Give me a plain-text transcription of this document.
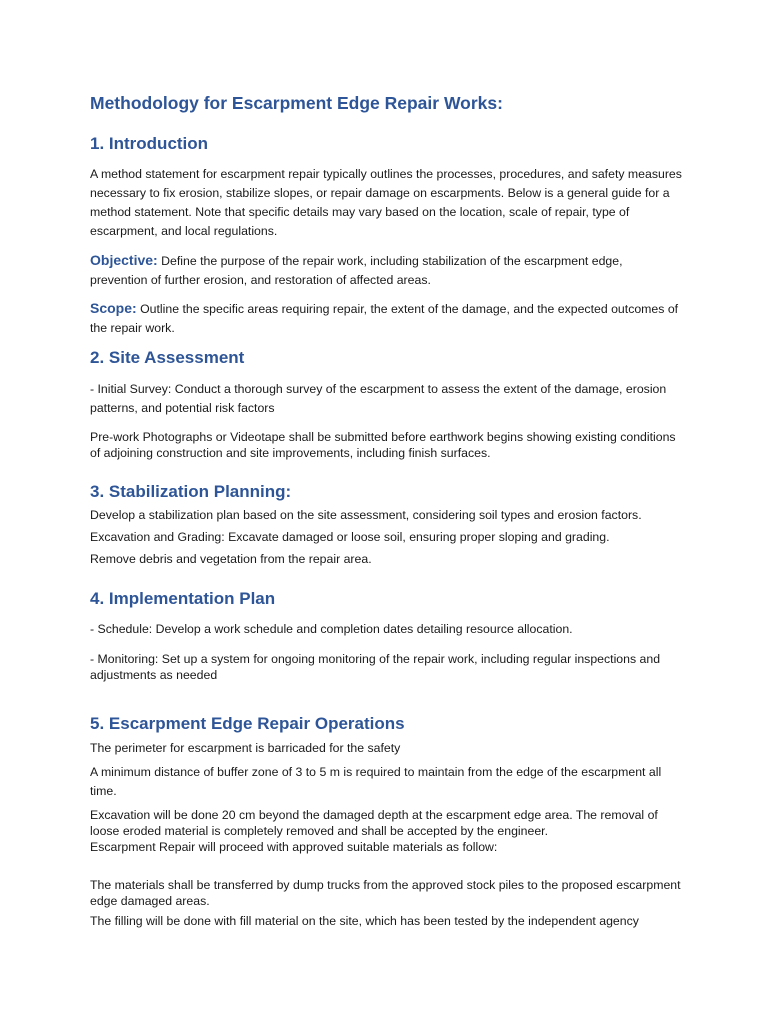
Methodology for Escarpment Edge Repair Works:
1. Introduction

A method statement for escarpment repair typically outlines the processes, procedures, and safety measures necessary to fix erosion, stabilize slopes, or repair damage on escarpments. Below is a general guide for a method statement. Note that specific details may vary based on the location, scale of repair, type of escarpment, and local regulations.

Objective: Define the purpose of the repair work, including stabilization of the escarpment edge, prevention of further erosion, and restoration of affected areas.

Scope: Outline the specific areas requiring repair, the extent of the damage, and the expected outcomes of the repair work.

2. Site Assessment

- Initial Survey: Conduct a thorough survey of the escarpment to assess the extent of the damage, erosion patterns, and potential risk factors

Pre-work Photographs or Videotape shall be submitted before earthwork begins showing existing conditions of adjoining construction and site improvements, including finish surfaces.

3. Stabilization Planning:

Develop a stabilization plan based on the site assessment, considering soil types and erosion factors.

Excavation and Grading: Excavate damaged or loose soil, ensuring proper sloping and grading.

Remove debris and vegetation from the repair area.

4. Implementation Plan

- Schedule: Develop a work schedule and completion dates detailing resource allocation.

- Monitoring: Set up a system for ongoing monitoring of the repair work, including regular inspections and adjustments as needed

5. Escarpment Edge Repair Operations

The perimeter for escarpment is barricaded for the safety

A minimum distance of buffer zone of 3 to 5 m is required to maintain from the edge of the escarpment all time.

Excavation will be done 20 cm beyond the damaged depth at the escarpment edge area. The removal of loose eroded material is completely removed and shall be accepted by the engineer.

Escarpment Repair will proceed with approved suitable materials as follow:

The materials shall be transferred by dump trucks from the approved stock piles to the proposed escarpment edge damaged areas.

The filling will be done with fill material on the site, which has been tested by the independent agency
